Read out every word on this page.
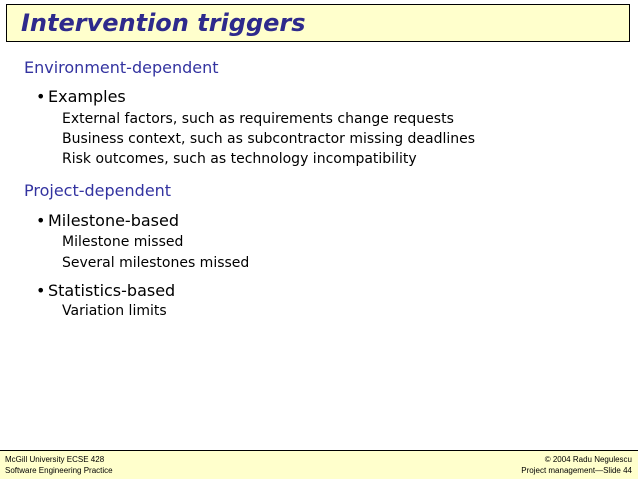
Intervention triggers
Environment-dependent
• Examples
External factors, such as requirements change requests
Business context, such as subcontractor missing deadlines
Risk outcomes, such as technology incompatibility
Project-dependent
• Milestone-based
Milestone missed
Several milestones missed
• Statistics-based
Variation limits
McGill University ECSE 428
Software Engineering Practice
© 2004 Radu Negulescu
Project management—Slide 44
